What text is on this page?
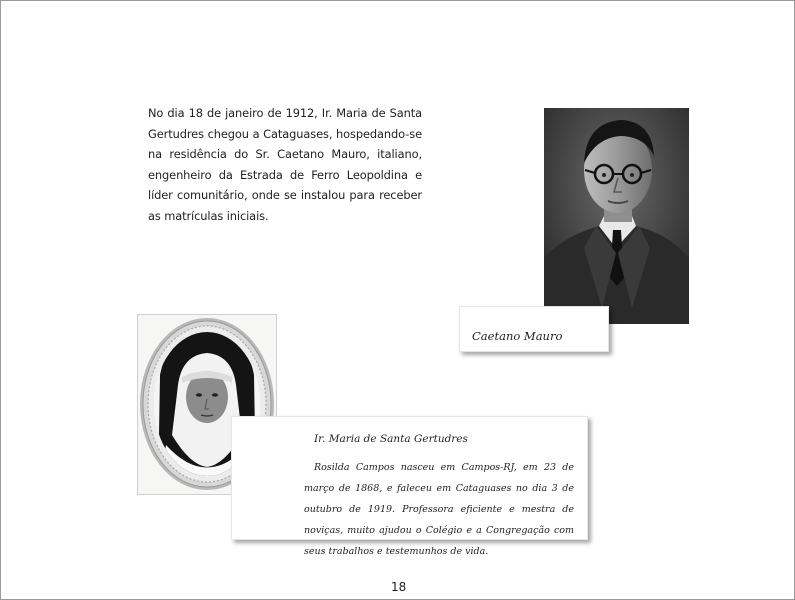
No dia 18 de janeiro de 1912, Ir. Maria de Santa Gertudres chegou a Cataguases, hospedando-se na residência do Sr. Caetano Mauro, italiano, engenheiro da Estrada de Ferro Leopoldina e líder comunitário, onde se instalou para receber as matrículas iniciais.

Caetano Mauro
Ir. Maria de Santa Gertudres

Rosilda Campos nasceu em Campos-RJ, em 23 de março de 1868, e faleceu em Cataguases no dia 3 de outubro de 1919. Professora eficiente e mestra de noviças, muito ajudou o Colégio e a Congregação com seus trabalhos e testemunhos de vida.

18
